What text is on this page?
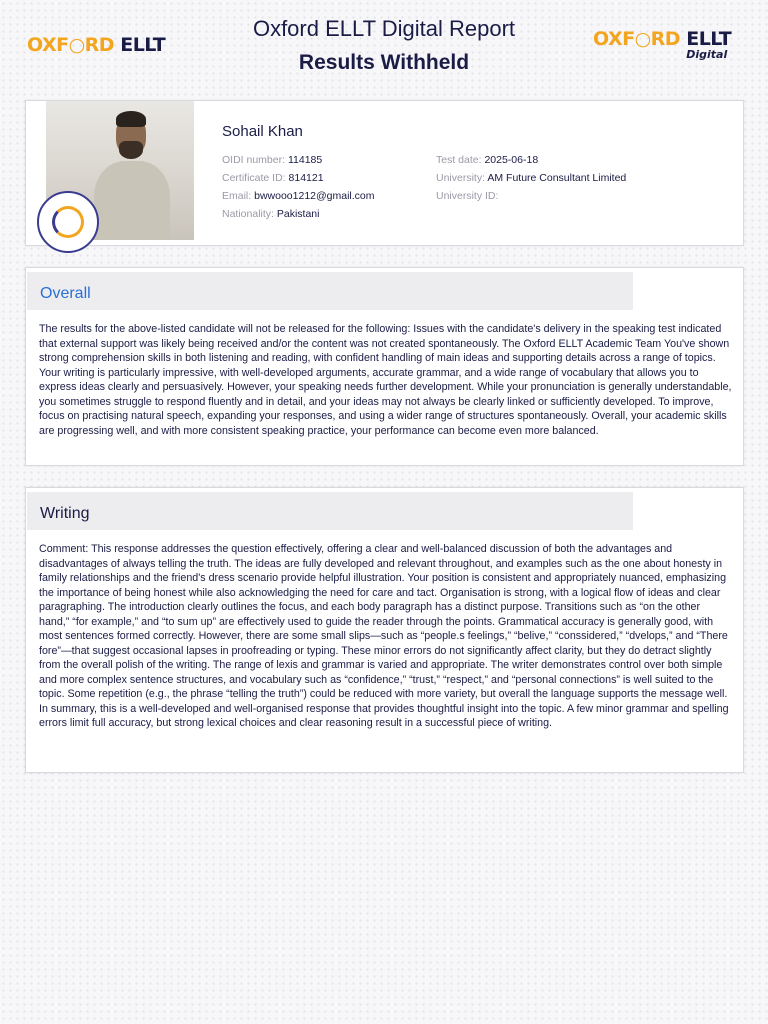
OXF○RD ELLT
Oxford ELLT Digital Report
Results Withheld
OXF○RD ELLT
Digital
Sohail Khan
OIDI number: 114185
Certificate ID: 814121
Email: bwwooo1212@gmail.com
Nationality: Pakistani
Test date: 2025-06-18
University: AM Future Consultant Limited
University ID:
Overall
The results for the above-listed candidate will not be released for the following: Issues with the candidate's delivery in the speaking test indicated that external support was likely being received and/or the content was not created spontaneously. The Oxford ELLT Academic Team You've shown strong comprehension skills in both listening and reading, with confident handling of main ideas and supporting details across a range of topics. Your writing is particularly impressive, with well-developed arguments, accurate grammar, and a wide range of vocabulary that allows you to express ideas clearly and persuasively. However, your speaking needs further development. While your pronunciation is generally understandable, you sometimes struggle to respond fluently and in detail, and your ideas may not always be clearly linked or sufficiently developed. To improve, focus on practising natural speech, expanding your responses, and using a wider range of structures spontaneously. Overall, your academic skills are progressing well, and with more consistent speaking practice, your performance can become even more balanced.
Writing
Comment: This response addresses the question effectively, offering a clear and well-balanced discussion of both the advantages and disadvantages of always telling the truth. The ideas are fully developed and relevant throughout, and examples such as the one about honesty in family relationships and the friend's dress scenario provide helpful illustration. Your position is consistent and appropriately nuanced, emphasizing the importance of being honest while also acknowledging the need for care and tact. Organisation is strong, with a logical flow of ideas and clear paragraphing. The introduction clearly outlines the focus, and each body paragraph has a distinct purpose. Transitions such as “on the other hand,” “for example,” and “to sum up” are effectively used to guide the reader through the points. Grammatical accuracy is generally good, with most sentences formed correctly. However, there are some small slips—such as “people.s feelings,” “belive,” “conssidered,” “dvelops,” and “There fore”—that suggest occasional lapses in proofreading or typing. These minor errors do not significantly affect clarity, but they do detract slightly from the overall polish of the writing. The range of lexis and grammar is varied and appropriate. The writer demonstrates control over both simple and more complex sentence structures, and vocabulary such as “confidence,” “trust,” “respect,” and “personal connections” is well suited to the topic. Some repetition (e.g., the phrase “telling the truth”) could be reduced with more variety, but overall the language supports the message well. In summary, this is a well-developed and well-organised response that provides thoughtful insight into the topic. A few minor grammar and spelling errors limit full accuracy, but strong lexical choices and clear reasoning result in a successful piece of writing.
